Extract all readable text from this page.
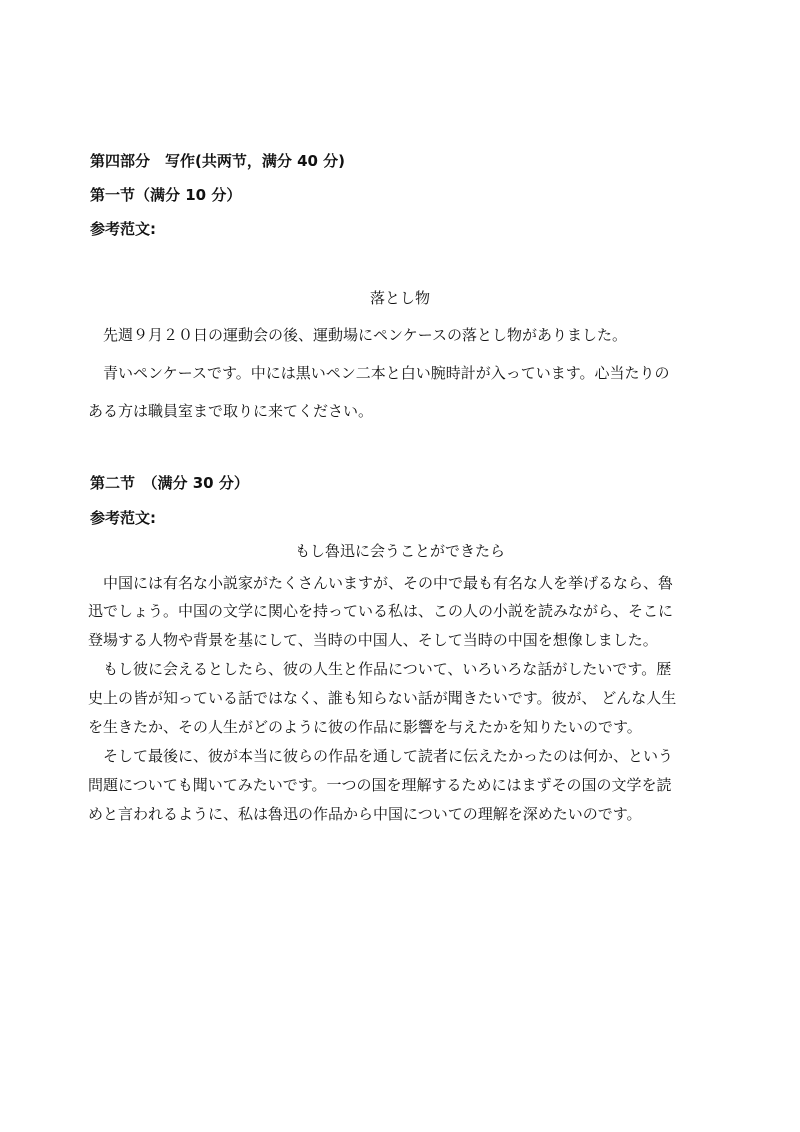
第四部分　写作(共两节，满分 40 分)
第一节（满分 10 分）
参考范文:
落とし物
　先週９月２０日の運動会の後、運動場にペンケースの落とし物がありました。
　青いペンケースです。中には黒いペン二本と白い腕時計が入っています。心当たりの
ある方は職員室まで取りに来てください。
第二节　（满分 30 分）
参考范文:
もし魯迅に会うことができたら
　中国には有名な小説家がたくさんいますが、その中で最も有名な人を挙げるなら、魯
迅でしょう。中国の文学に関心を持っている私は、この人の小説を読みながら、そこに
登場する人物や背景を基にして、当時の中国人、そして当時の中国を想像しました。
　もし彼に会えるとしたら、彼の人生と作品について、いろいろな話がしたいです。歴
史上の皆が知っている話ではなく、誰も知らない話が聞きたいです。彼が、 どんな人生
を生きたか、その人生がどのように彼の作品に影響を与えたかを知りたいのです。
　そして最後に、彼が本当に彼らの作品を通して読者に伝えたかったのは何か、という
問題についても聞いてみたいです。一つの国を理解するためにはまずその国の文学を読
めと言われるように、私は魯迅の作品から中国についての理解を深めたいのです。
